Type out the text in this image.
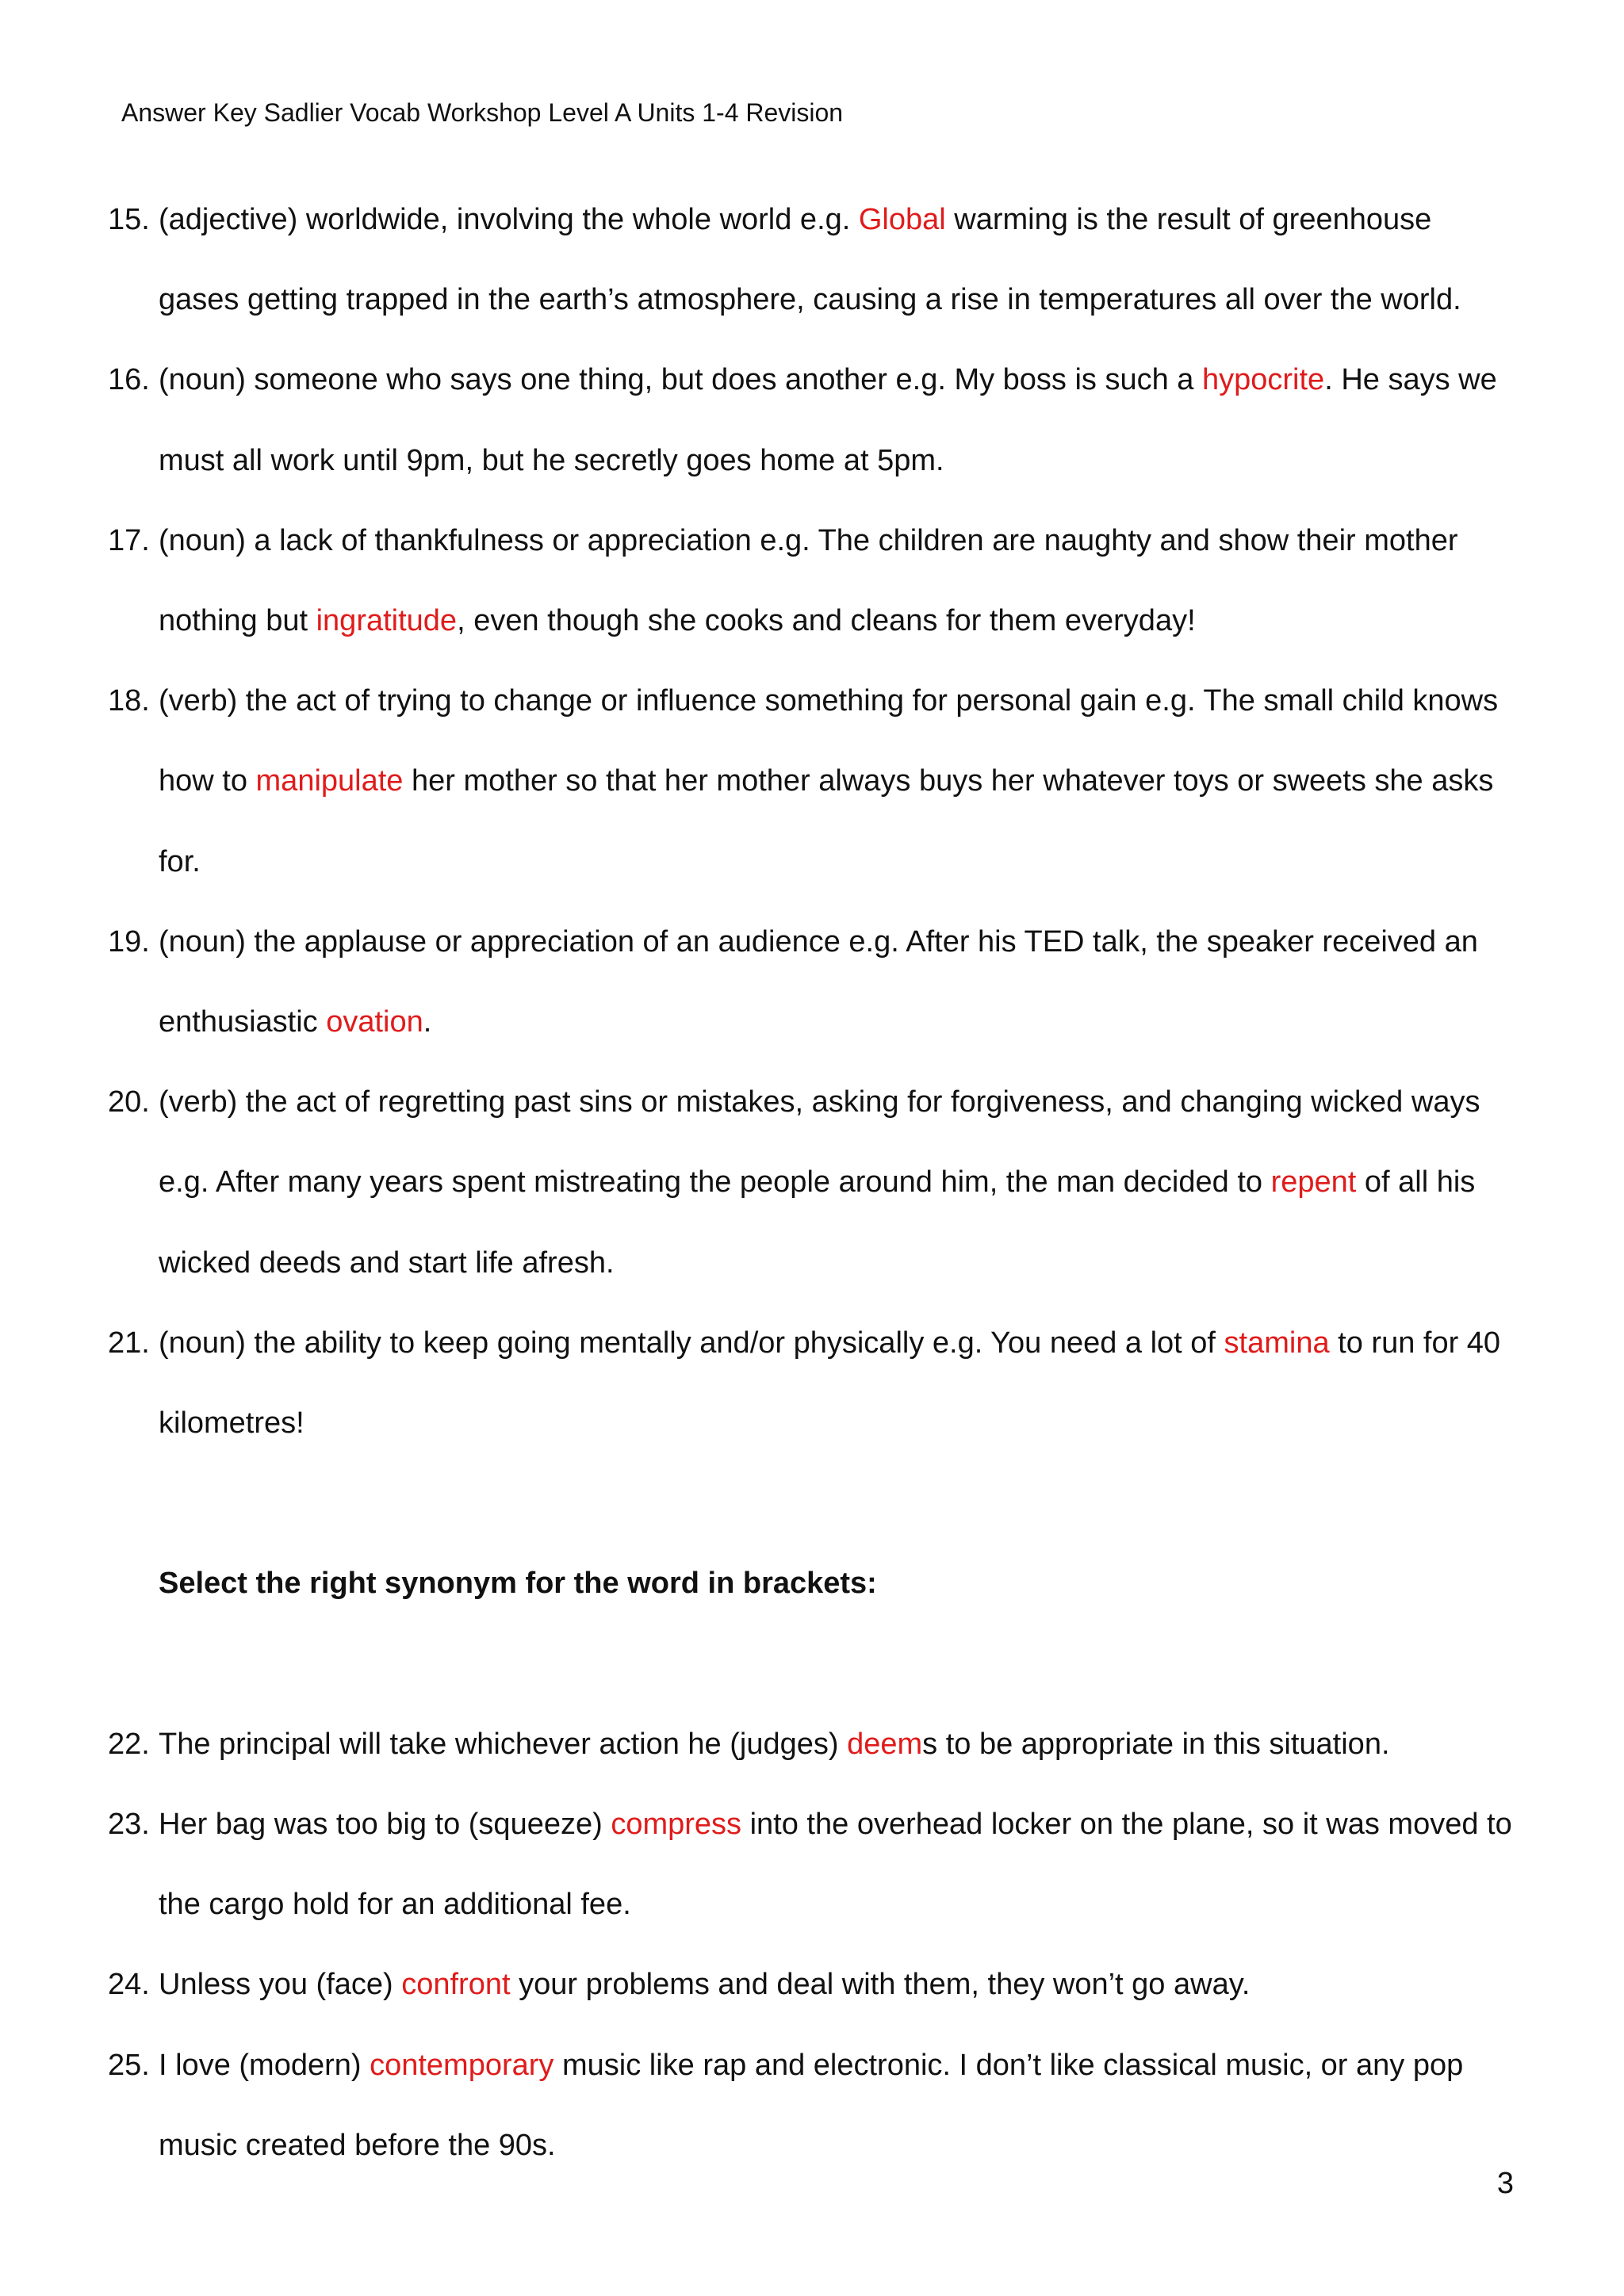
Answer Key Sadlier Vocab Workshop Level A Units 1-4 Revision
15. (adjective) worldwide, involving the whole world e.g. Global warming is the result of greenhouse
gases getting trapped in the earth’s atmosphere, causing a rise in temperatures all over the world.
16. (noun) someone who says one thing, but does another e.g. My boss is such a hypocrite. He says we
must all work until 9pm, but he secretly goes home at 5pm.
17. (noun) a lack of thankfulness or appreciation e.g. The children are naughty and show their mother
nothing but ingratitude, even though she cooks and cleans for them everyday!
18. (verb) the act of trying to change or influence something for personal gain e.g. The small child knows
how to manipulate her mother so that her mother always buys her whatever toys or sweets she asks
for.
19. (noun) the applause or appreciation of an audience e.g. After his TED talk, the speaker received an
enthusiastic ovation.
20. (verb) the act of regretting past sins or mistakes, asking for forgiveness, and changing wicked ways
e.g. After many years spent mistreating the people around him, the man decided to repent of all his
wicked deeds and start life afresh.
21. (noun) the ability to keep going mentally and/or physically e.g. You need a lot of stamina to run for 40
kilometres!
Select the right synonym for the word in brackets:
22. The principal will take whichever action he (judges) deems to be appropriate in this situation.
23. Her bag was too big to (squeeze) compress into the overhead locker on the plane, so it was moved to
the cargo hold for an additional fee.
24. Unless you (face) confront your problems and deal with them, they won’t go away.
25. I love (modern) contemporary music like rap and electronic. I don’t like classical music, or any pop
music created before the 90s.
3
